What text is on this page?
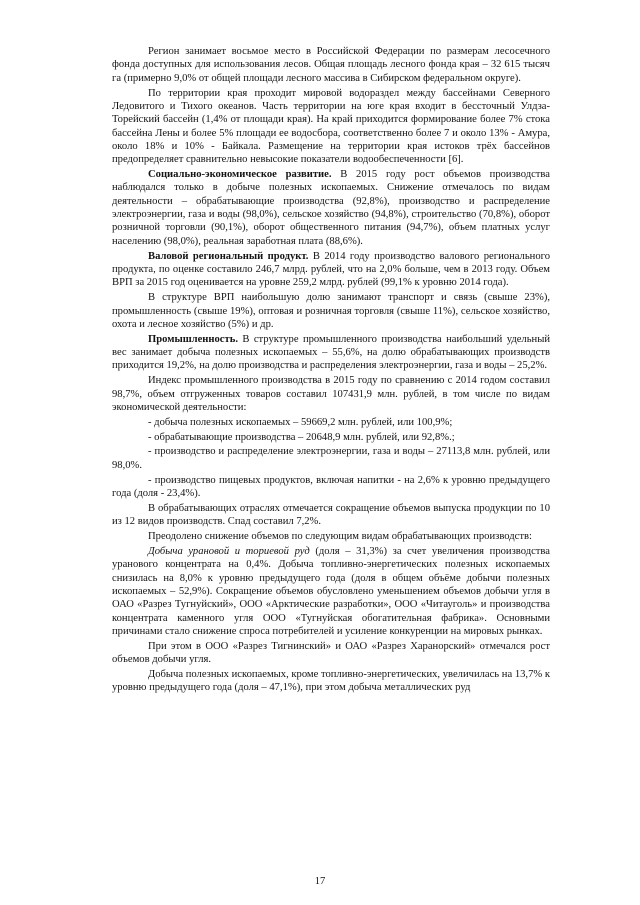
Регион занимает восьмое место в Российской Федерации по размерам лесосечного фонда доступных для использования лесов. Общая площадь лесного фонда края – 32 615 тысяч га (примерно 9,0% от общей площади лесного массива в Сибирском федеральном округе).

По территории края проходит мировой водораздел между бассейнами Северного Ледовитого и Тихого океанов. Часть территории на юге края входит в бессточный Улдза-Торейский бассейн (1,4% от площади края). На край приходится формирование более 7% стока бассейна Лены и более 5% площади ее водосбора, соответственно более 7 и около 13% - Амура, около 18% и 10% - Байкала. Размещение на территории края истоков трёх бассейнов предопределяет сравнительно невысокие показатели водообеспеченности [6].

Социально-экономическое развитие. В 2015 году рост объемов производства наблюдался только в добыче полезных ископаемых. Снижение отмечалось по видам деятельности – обрабатывающие производства (92,8%), производство и распределение электроэнергии, газа и воды (98,0%), сельское хозяйство (94,8%), строительство (70,8%), оборот розничной торговли (90,1%), оборот общественного питания (94,7%), объем платных услуг населению (98,0%), реальная заработная плата (88,6%).

Валовой региональный продукт. В 2014 году производство валового регионального продукта, по оценке составило 246,7 млрд. рублей, что на 2,0% больше, чем в 2013 году. Объем ВРП за 2015 год оценивается на уровне 259,2 млрд. рублей (99,1% к уровню 2014 года).

В структуре ВРП наибольшую долю занимают транспорт и связь (свыше 23%), промышленность (свыше 19%), оптовая и розничная торговля (свыше 11%), сельское хозяйство, охота и лесное хозяйство (5%) и др.

Промышленность. В структуре промышленного производства наибольший удельный вес занимает добыча полезных ископаемых – 55,6%, на долю обрабатывающих производств приходится 19,2%, на долю производства и распределения электроэнергии, газа и воды – 25,2%.

Индекс промышленного производства в 2015 году по сравнению с 2014 годом составил 98,7%, объем отгруженных товаров составил 107431,9 млн. рублей, в том числе по видам экономической деятельности:

- добыча полезных ископаемых – 59669,2 млн. рублей, или 100,9%;

- обрабатывающие производства – 20648,9 млн. рублей, или 92,8%.;

- производство и распределение электроэнергии, газа и воды – 27113,8 млн. рублей, или 98,0%.

- производство пищевых продуктов, включая напитки - на 2,6% к уровню предыдущего года (доля - 23,4%).

В обрабатывающих отраслях отмечается сокращение объемов выпуска продукции по 10 из 12 видов производств. Спад составил 7,2%.

Преодолено снижение объемов по следующим видам обрабатывающих производств:

Добыча урановой и ториевой руд (доля – 31,3%) за счет увеличения производства уранового концентрата на 0,4%. Добыча топливно-энергетических полезных ископаемых снизилась на 8,0% к уровню предыдущего года (доля в общем объёме добычи полезных ископаемых – 52,9%). Сокращение объемов обусловлено уменьшением объемов добычи угля в ОАО «Разрез Тугнуйский», ООО «Арктические разработки», ООО «Читауголь» и производства концентрата каменного угля ООО «Тугнуйская обогатительная фабрика». Основными причинами стало снижение спроса потребителей и усиление конкуренции на мировых рынках.

При этом в ООО «Разрез Тигнинский» и ОАО «Разрез Харанорский» отмечался рост объемов добычи угля.

Добыча полезных ископаемых, кроме топливно-энергетических, увеличилась на 13,7% к уровню предыдущего года (доля – 47,1%), при этом добыча металлических руд

17
